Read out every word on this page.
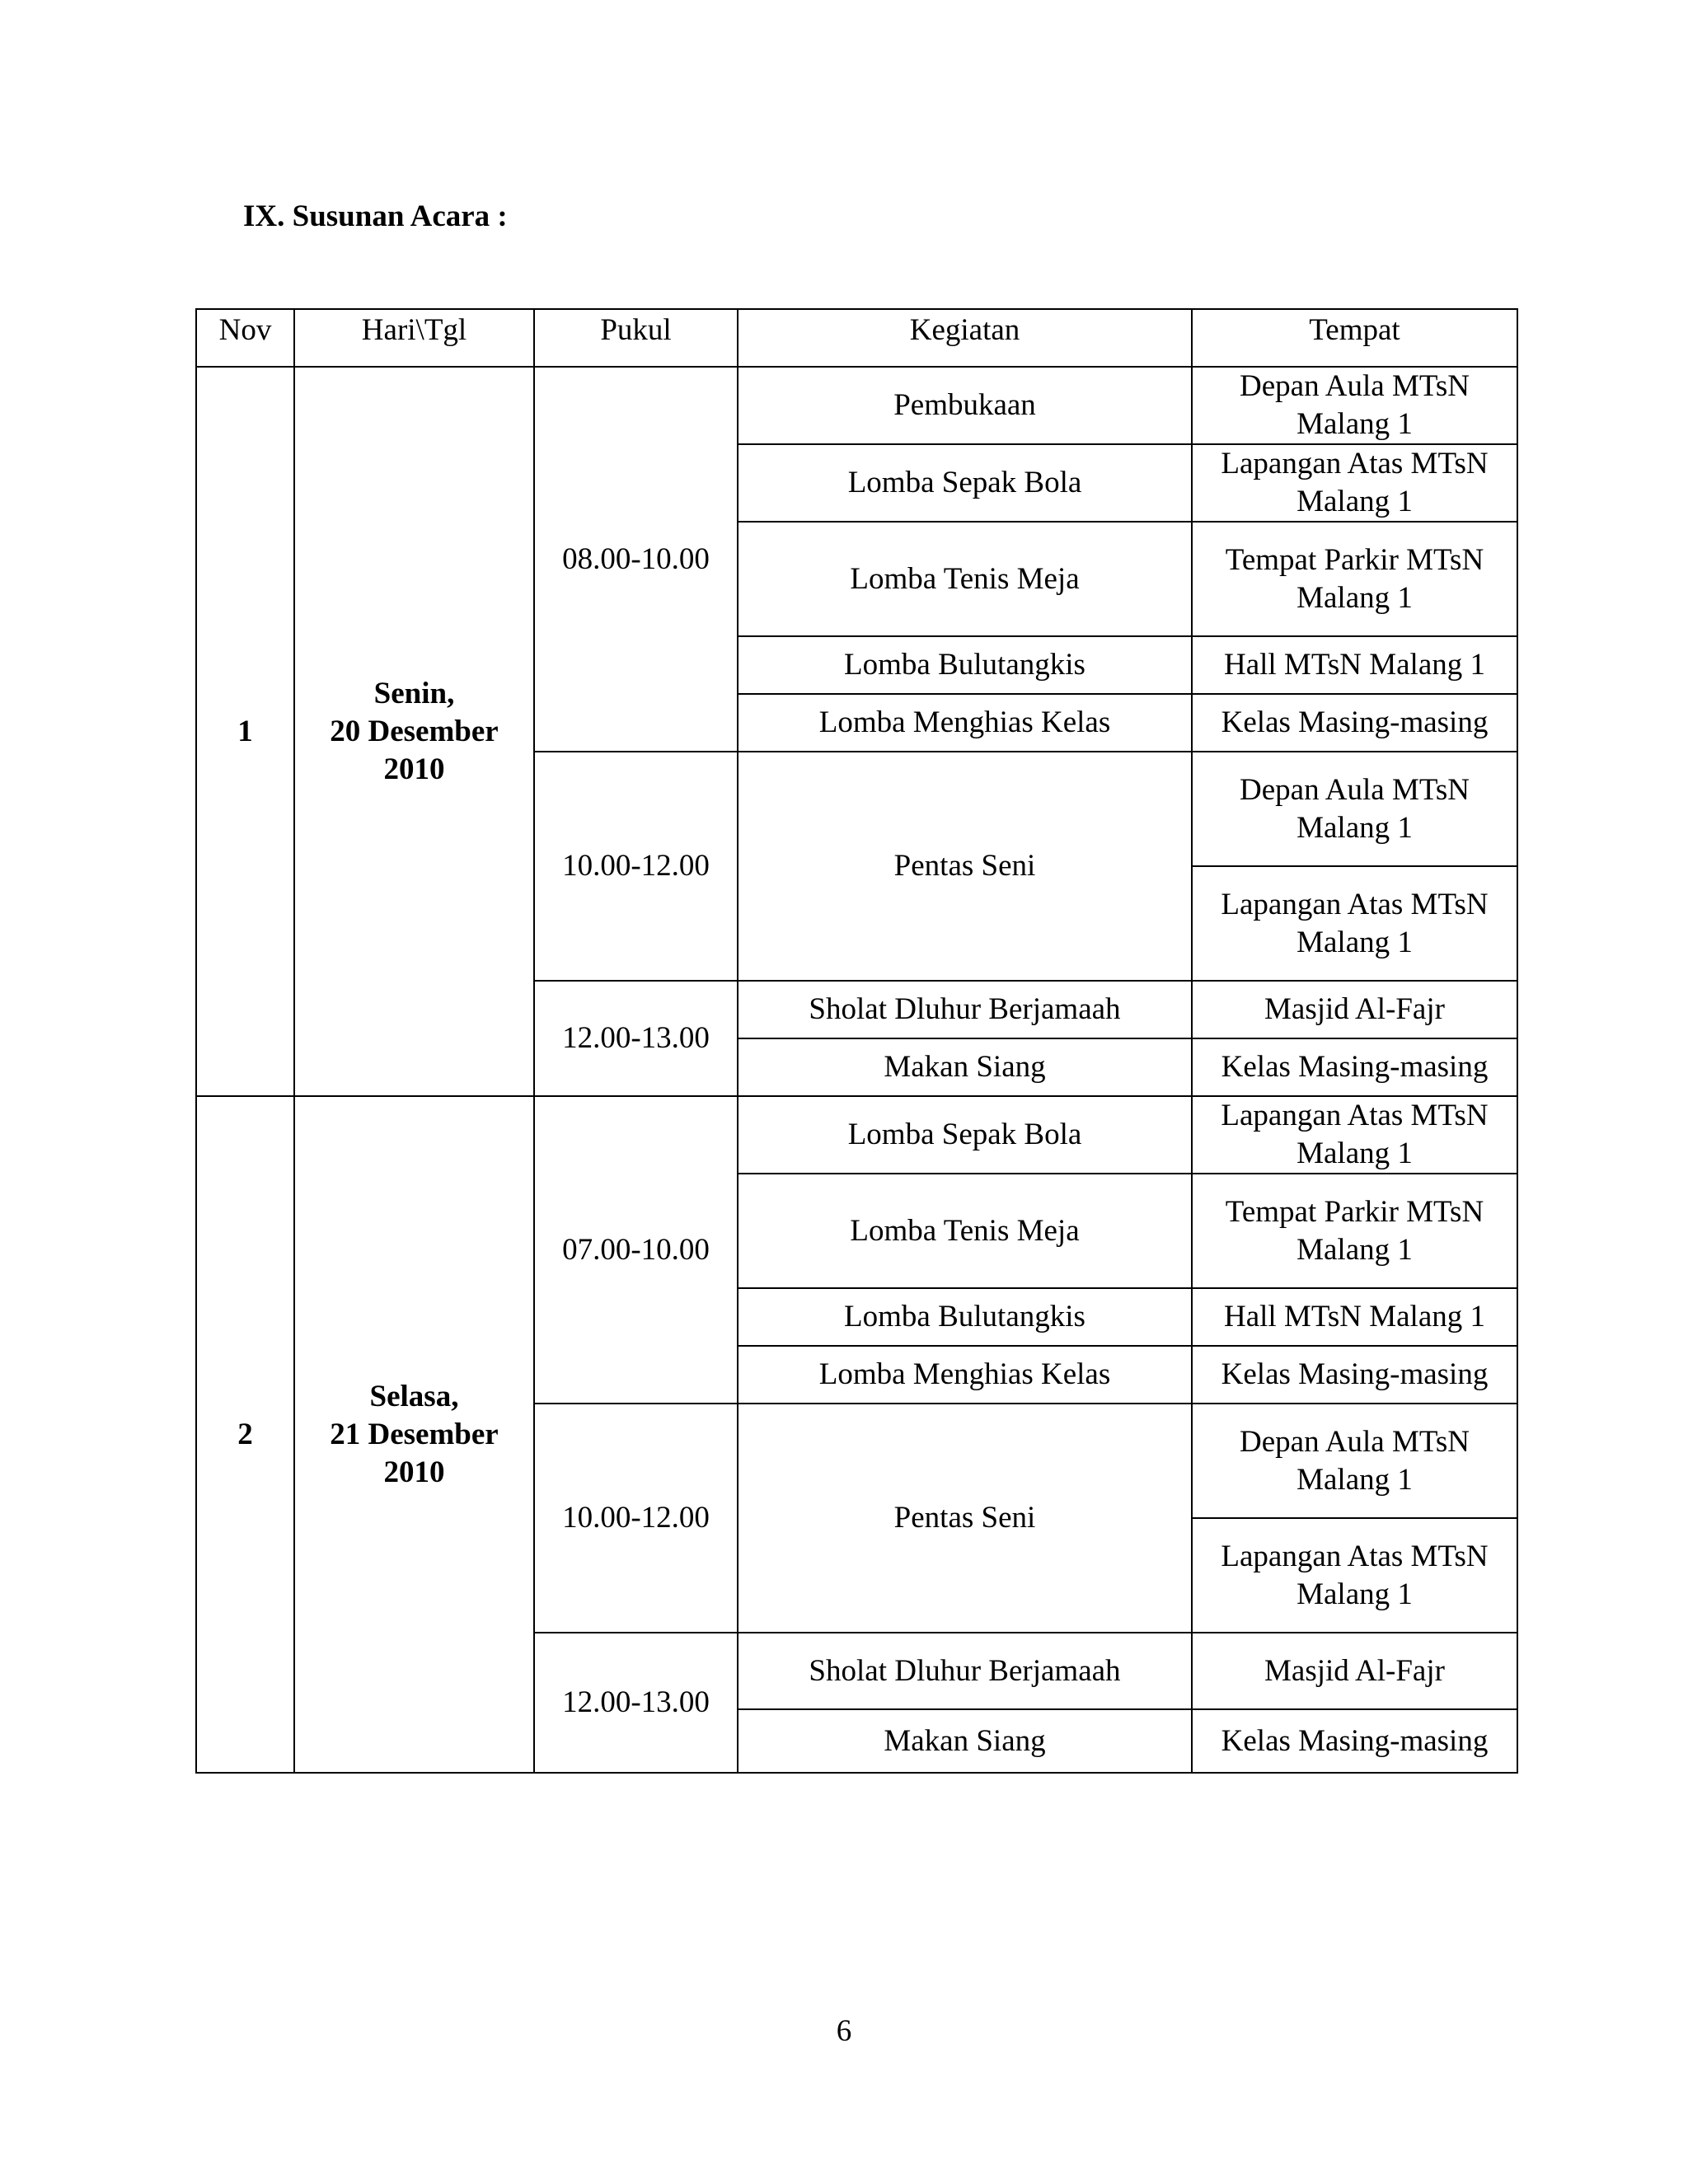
IX. Susunan Acara :
Nov	Hari\Tgl	Pukul	Kegiatan	Tempat
1	Senin,
20 Desember
2010	08.00-10.00	Pembukaan	Depan Aula MTsN
Malang 1
			Lomba Sepak Bola	Lapangan Atas MTsN
Malang 1
			Lomba Tenis Meja	Tempat Parkir MTsN
Malang 1
			Lomba Bulutangkis	Hall MTsN Malang 1
			Lomba Menghias Kelas	Kelas Masing-masing
		10.00-12.00	Pentas Seni	Depan Aula MTsN
Malang 1
				Lapangan Atas MTsN
Malang 1
		12.00-13.00	Sholat Dluhur Berjamaah	Masjid Al-Fajr
			Makan Siang	Kelas Masing-masing
2	Selasa,
21 Desember
2010	07.00-10.00	Lomba Sepak Bola	Lapangan Atas MTsN
Malang 1
			Lomba Tenis Meja	Tempat Parkir MTsN
Malang 1
			Lomba Bulutangkis	Hall MTsN Malang 1
			Lomba Menghias Kelas	Kelas Masing-masing
		10.00-12.00	Pentas Seni	Depan Aula MTsN
Malang 1
				Lapangan Atas MTsN
Malang 1
		12.00-13.00	Sholat Dluhur Berjamaah	Masjid Al-Fajr
			Makan Siang	Kelas Masing-masing
6
